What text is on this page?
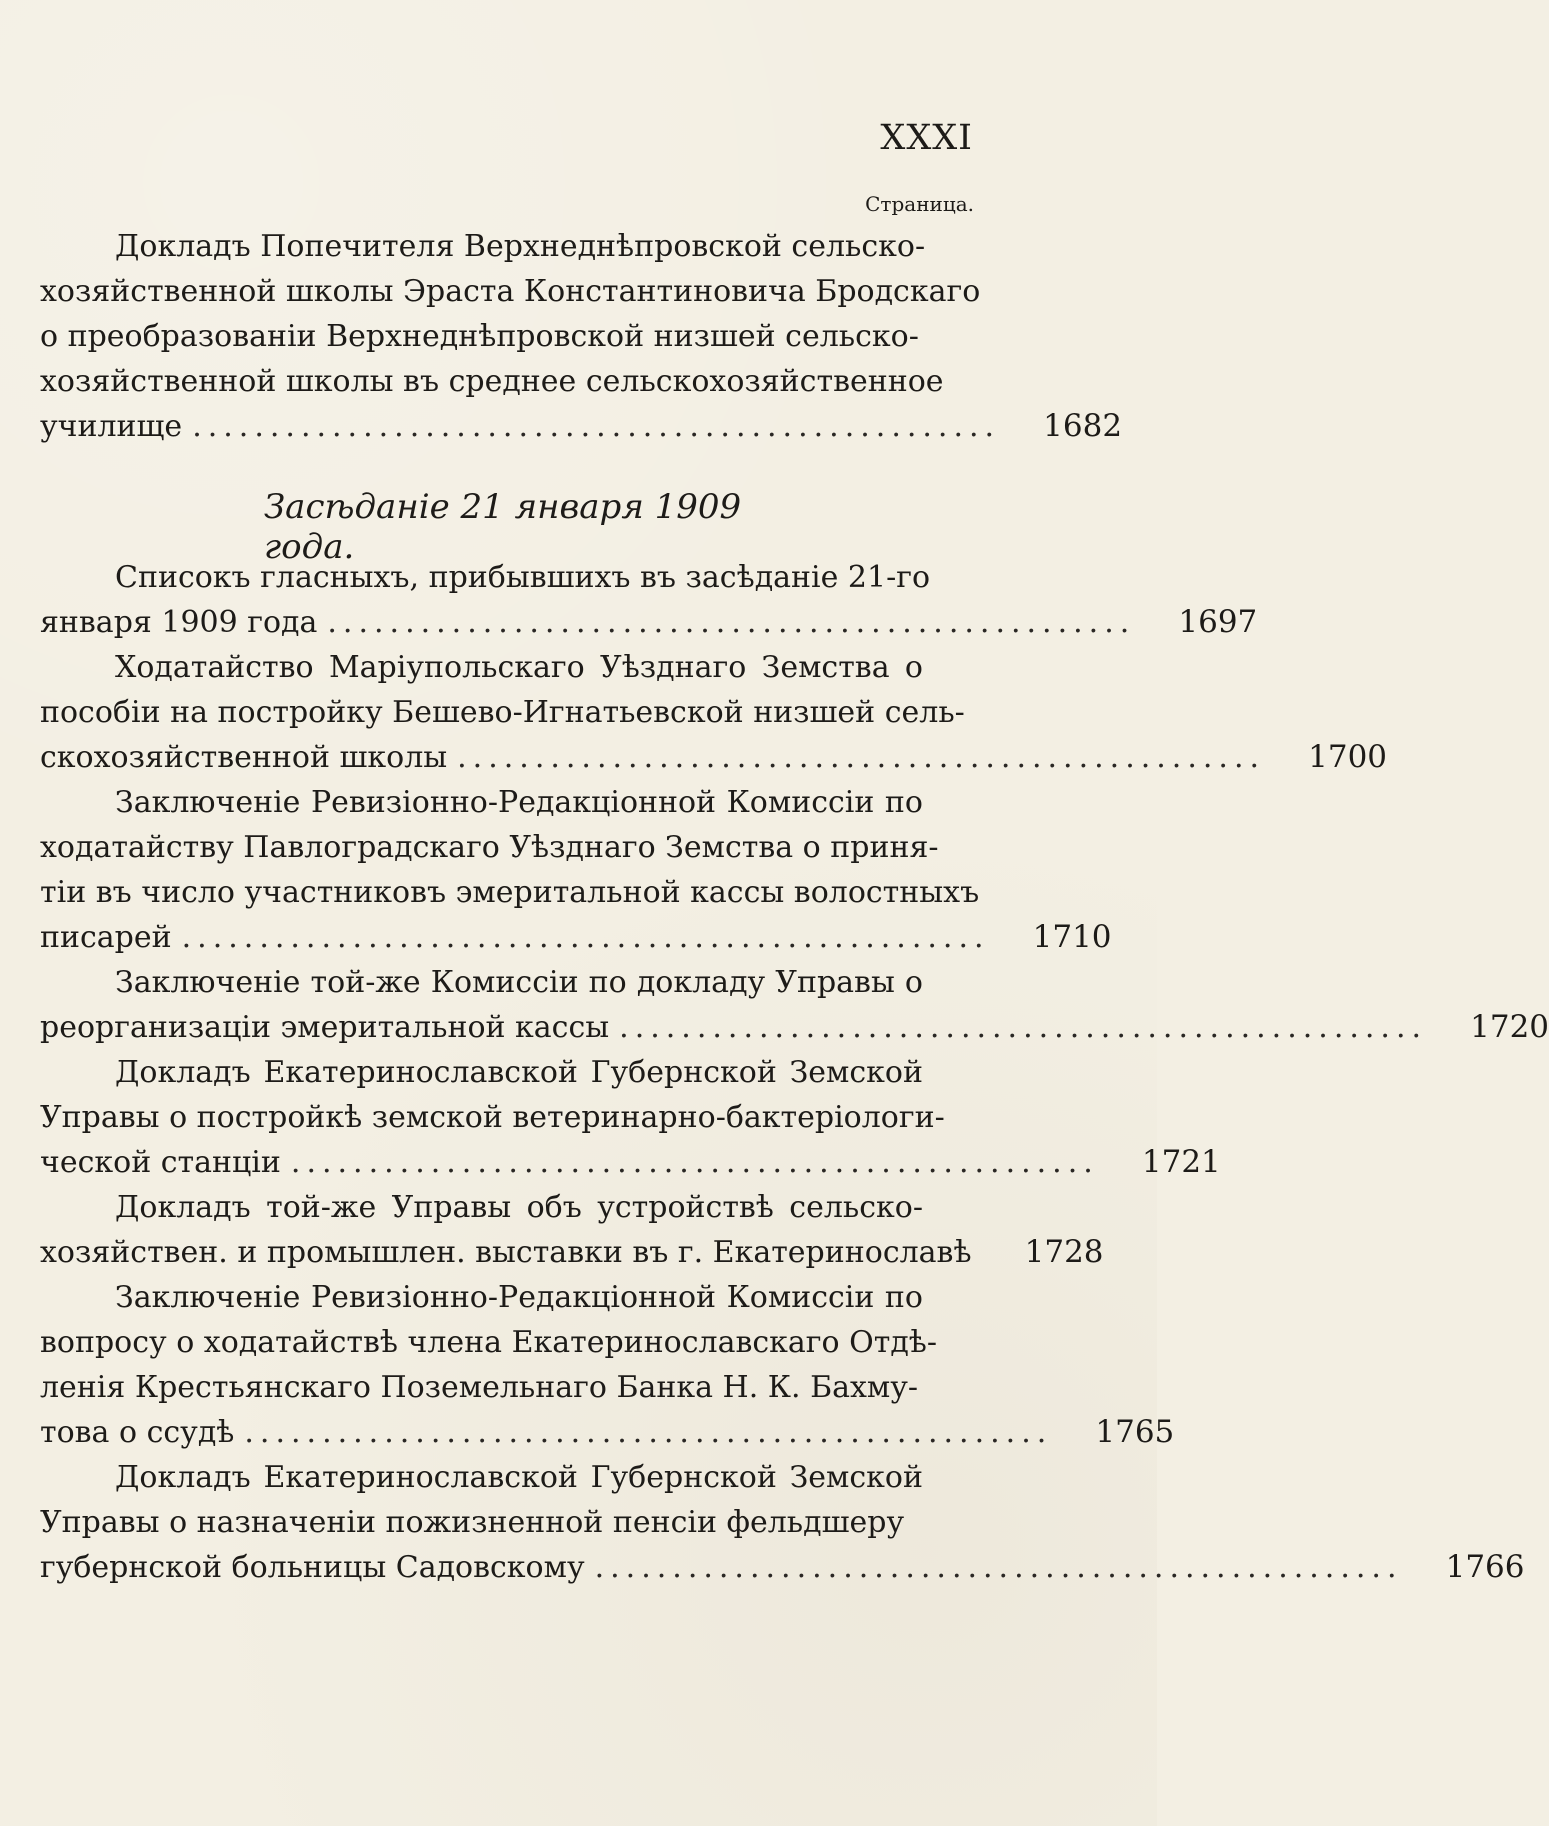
XXXI
Страница.
Докладъ Попечителя Верхнеднѣпровской сельско-
хозяйственной школы Эраста Константиновича Бродскаго
о преобразованіи Верхнеднѣпровской низшей сельско-
хозяйственной школы въ среднее сельскохозяйственное
училище ....................................................	1682
Засѣданіе 21 января 1909 года.
Списокъ гласныхъ, прибывшихъ въ засѣданіе 21-го
января 1909 года ....................................................	1697
Ходатайство Маріупольскаго Уѣзднаго Земства о
пособіи на постройку Бешево-Игнатьевской низшей сель-
скохозяйственной школы ....................................................	1700
Заключеніе Ревизіонно-Редакціонной Комиссіи по
ходатайству Павлоградскаго Уѣзднаго Земства о приня-
тіи въ число участниковъ эмеритальной кассы волостныхъ
писарей ....................................................	1710
Заключеніе той-же Комиссіи по докладу Управы о
реорганизаціи эмеритальной кассы ....................................................	1720
Докладъ Екатеринославской Губернской Земской
Управы о постройкѣ земской ветеринарно-бактеріологи-
ческой станціи ....................................................	1721
Докладъ той-же Управы объ устройствѣ сельско-
хозяйствен. и промышлен. выставки въ г. Екатеринославѣ	1728
Заключеніе Ревизіонно-Редакціонной Комиссіи по
вопросу о ходатайствѣ члена Екатеринославскаго Отдѣ-
ленія Крестьянскаго Поземельнаго Банка Н. К. Бахму-
това о ссудѣ ....................................................	1765
Докладъ Екатеринославской Губернской Земской
Управы о назначеніи пожизненной пенсіи фельдшеру
губернской больницы Садовскому ....................................................	1766
